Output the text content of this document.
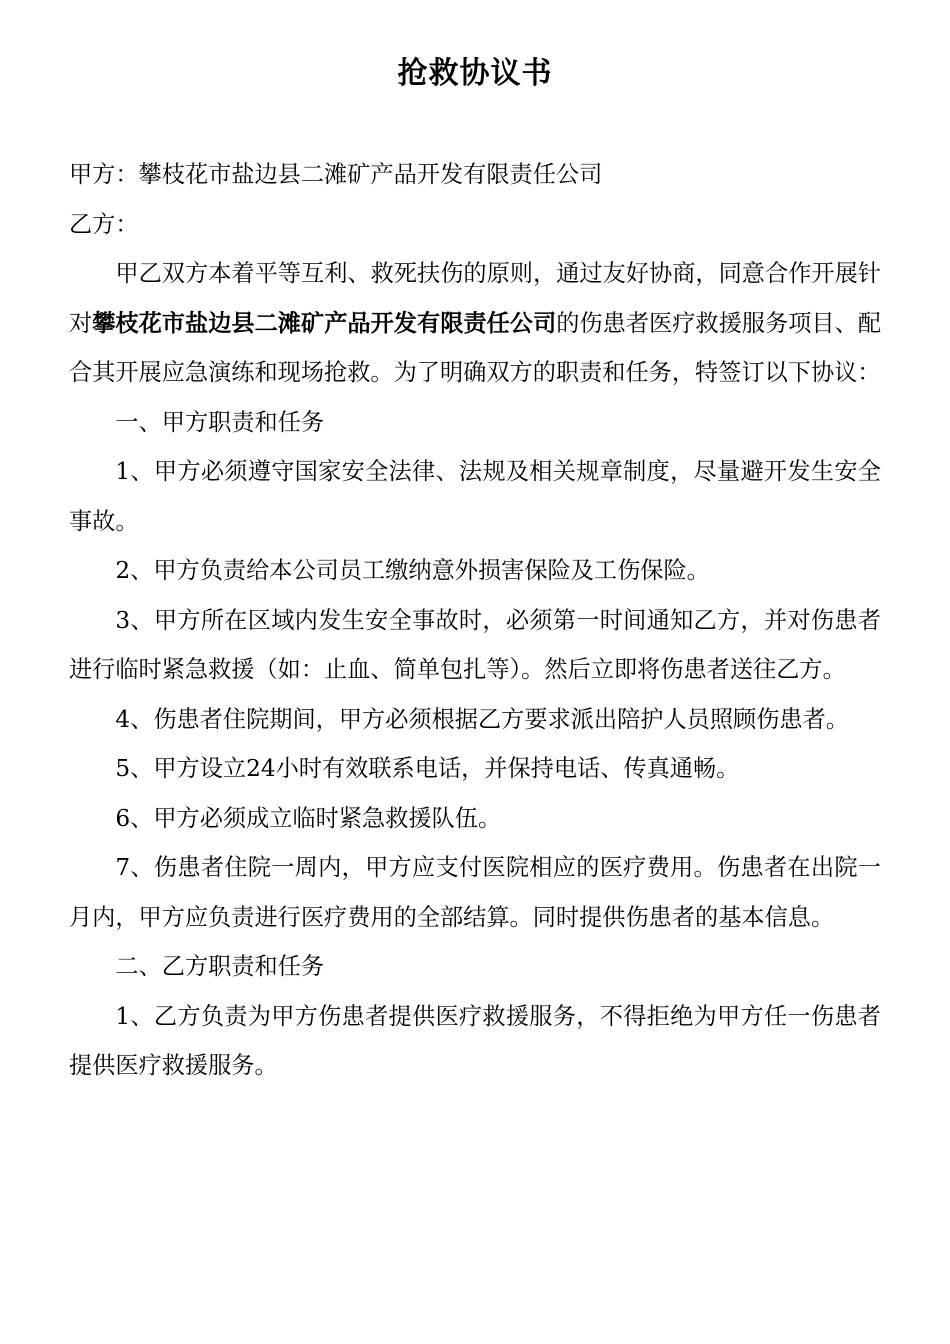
抢救协议书

甲方：攀枝花市盐边县二滩矿产品开发有限责任公司

乙方：

甲乙双方本着平等互利、救死扶伤的原则，通过友好协商，同意合作开展针对攀枝花市盐边县二滩矿产品开发有限责任公司的伤患者医疗救援服务项目、配合其开展应急演练和现场抢救。为了明确双方的职责和任务，特签订以下协议：

一、甲方职责和任务

1、甲方必须遵守国家安全法律、法规及相关规章制度，尽量避开发生安全事故。

2、甲方负责给本公司员工缴纳意外损害保险及工伤保险。

3、甲方所在区域内发生安全事故时，必须第一时间通知乙方，并对伤患者进行临时紧急救援（如：止血、简单包扎等）。然后立即将伤患者送往乙方。

4、伤患者住院期间，甲方必须根据乙方要求派出陪护人员照顾伤患者。

5、甲方设立24小时有效联系电话，并保持电话、传真通畅。

6、甲方必须成立临时紧急救援队伍。

7、伤患者住院一周内，甲方应支付医院相应的医疗费用。伤患者在出院一月内，甲方应负责进行医疗费用的全部结算。同时提供伤患者的基本信息。

二、乙方职责和任务

1、乙方负责为甲方伤患者提供医疗救援服务，不得拒绝为甲方任一伤患者提供医疗救援服务。
